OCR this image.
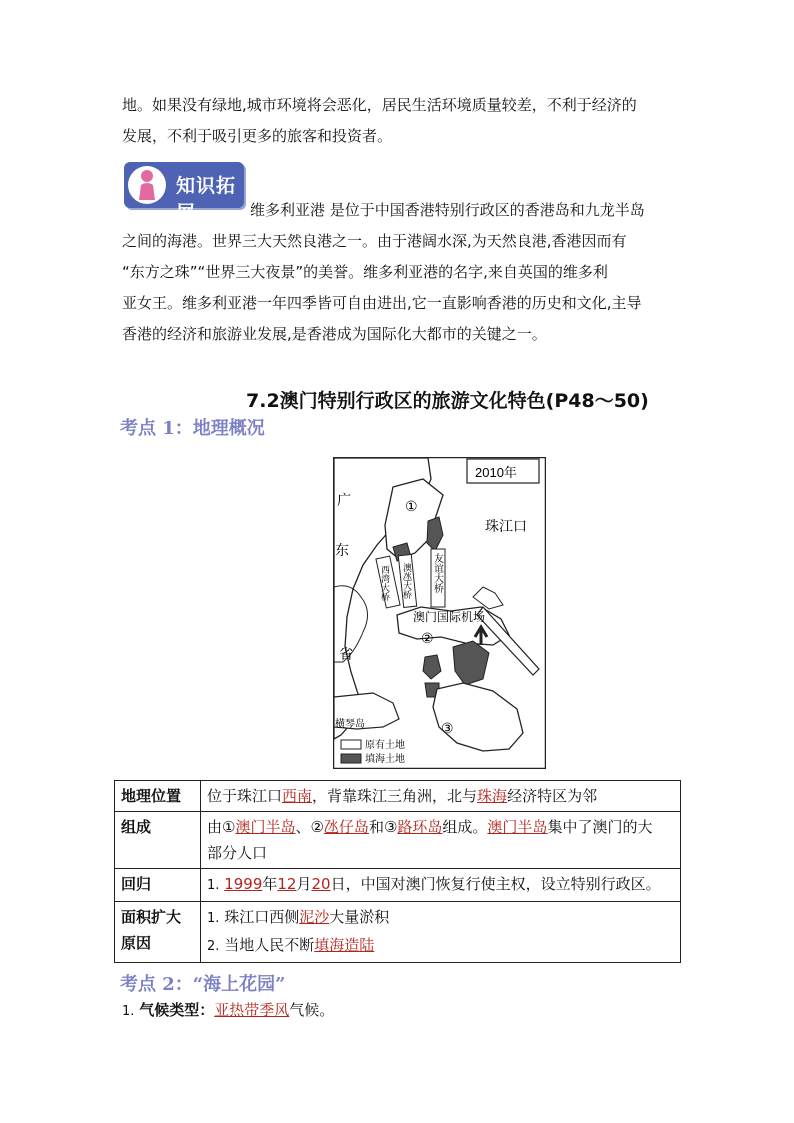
地。如果没有绿地,城市环境将会恶化，居民生活环境质量较差，不利于经济的
发展，不利于吸引更多的旅客和投资者。
知识拓展	维多利亚港 是位于中国香港特别行政区的香港岛和九龙半岛
之间的海港。世界三大天然良港之一。由于港阔水深,为天然良港,香港因而有
“东方之珠”“世界三大夜景”的美誉。维多利亚港的名字,来自英国的维多利
亚女王。维多利亚港一年四季皆可自由进出,它一直影响香港的历史和文化,主导
香港的经济和旅游业发展,是香港成为国际化大都市的关键之一。
7.2澳门特别行政区的旅游文化特色(P48～50)
考点 1：地理概况
2010年
珠江口
广
东
省
①
②
③
友谊大桥
澳氹大桥
西湾大桥
澳门国际机场
横琴岛
原有土地
填海土地
地理位置	位于珠江口西南，背靠珠江三角洲，北与珠海经济特区为邻
组成	由①澳门半岛、②氹仔岛和③路环岛组成。澳门半岛集中了澳门的大
部分人口
回归	1. 1999年12月20日，中国对澳门恢复行使主权，设立特别行政区。
面积扩大
原因	1. 珠江口西侧泥沙大量淤积
2. 当地人民不断填海造陆
考点 2：“海上花园”
1. 气候类型：亚热带季风气候。
